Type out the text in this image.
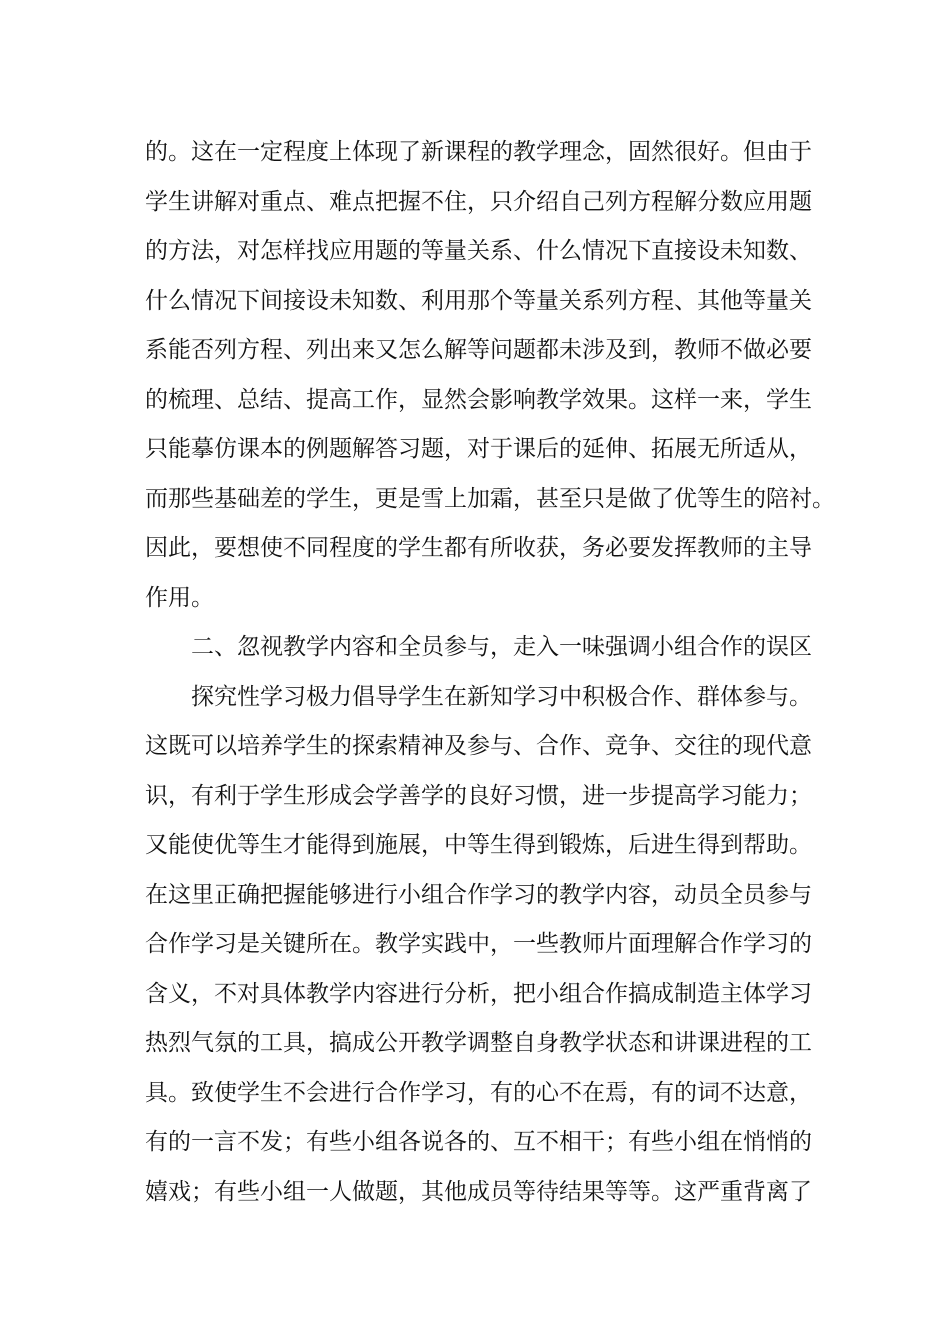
的。这在一定程度上体现了新课程的教学理念，固然很好。但由于
学生讲解对重点、难点把握不住，只介绍自己列方程解分数应用题
的方法，对怎样找应用题的等量关系、什么情况下直接设未知数、
什么情况下间接设未知数、利用那个等量关系列方程、其他等量关
系能否列方程、列出来又怎么解等问题都未涉及到，教师不做必要
的梳理、总结、提高工作，显然会影响教学效果。这样一来，学生
只能摹仿课本的例题解答习题，对于课后的延伸、拓展无所适从，
而那些基础差的学生，更是雪上加霜，甚至只是做了优等生的陪衬。
因此，要想使不同程度的学生都有所收获，务必要发挥教师的主导
作用。
二、忽视教学内容和全员参与，走入一味强调小组合作的误区
探究性学习极力倡导学生在新知学习中积极合作、群体参与。
这既可以培养学生的探索精神及参与、合作、竞争、交往的现代意
识，有利于学生形成会学善学的良好习惯，进一步提高学习能力；
又能使优等生才能得到施展，中等生得到锻炼，后进生得到帮助。
在这里正确把握能够进行小组合作学习的教学内容，动员全员参与
合作学习是关键所在。教学实践中，一些教师片面理解合作学习的
含义，不对具体教学内容进行分析，把小组合作搞成制造主体学习
热烈气氛的工具，搞成公开教学调整自身教学状态和讲课进程的工
具。致使学生不会进行合作学习，有的心不在焉，有的词不达意，
有的一言不发；有些小组各说各的、互不相干；有些小组在悄悄的
嬉戏；有些小组一人做题，其他成员等待结果等等。这严重背离了
